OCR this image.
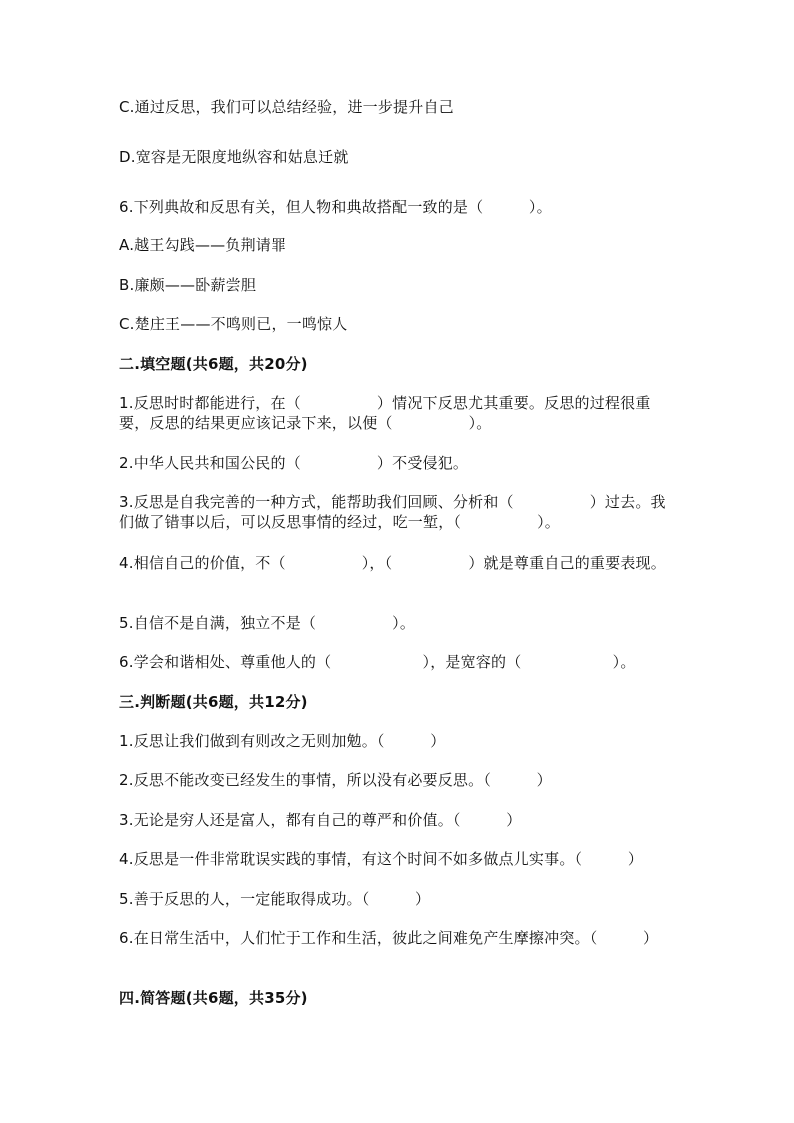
C.通过反思，我们可以总结经验，进一步提升自己
D.宽容是无限度地纵容和姑息迁就
6.下列典故和反思有关，但人物和典故搭配一致的是（　　　）。
A.越王勾践——负荆请罪
B.廉颇——卧薪尝胆
C.楚庄王——不鸣则已，一鸣惊人
二.填空题(共6题，共20分)
1.反思时时都能进行，在（　　　　　）情况下反思尤其重要。反思的过程很重要，反思的结果更应该记录下来，以便（　　　　　）。
2.中华人民共和国公民的（　　　　　）不受侵犯。
3.反思是自我完善的一种方式，能帮助我们回顾、分析和（　　　　　）过去。我们做了错事以后，可以反思事情的经过，吃一堑，（　　　　　）。
4.相信自己的价值，不（　　　　　），（　　　　　）就是尊重自己的重要表现。
5.自信不是自满，独立不是（　　　　　）。
6.学会和谐相处、尊重他人的（　　　　　　），是宽容的（　　　　　　）。
三.判断题(共6题，共12分)
1.反思让我们做到有则改之无则加勉。（　　　）
2.反思不能改变已经发生的事情，所以没有必要反思。（　　　）
3.无论是穷人还是富人，都有自己的尊严和价值。（　　　）
4.反思是一件非常耽误实践的事情，有这个时间不如多做点儿实事。（　　　）
5.善于反思的人，一定能取得成功。（　　　）
6.在日常生活中，人们忙于工作和生活，彼此之间难免产生摩擦冲突。（　　　）
四.简答题(共6题，共35分)
